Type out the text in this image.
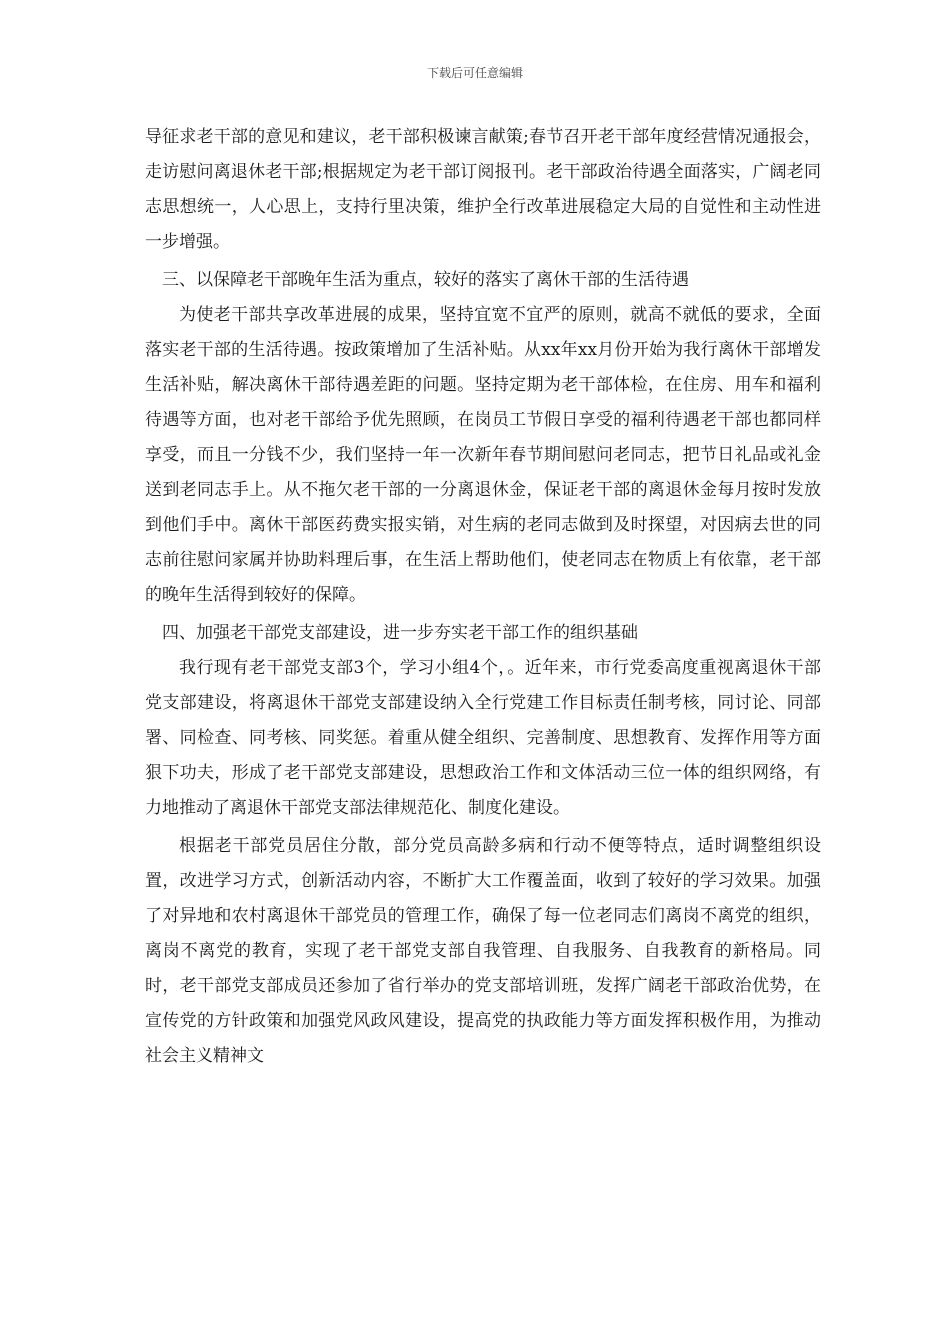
下载后可任意编辑

导征求老干部的意见和建议，老干部积极谏言献策;春节召开老干部年度经营情况通报会，走访慰问离退休老干部;根据规定为老干部订阅报刊。老干部政治待遇全面落实，广阔老同志思想统一，人心思上，支持行里决策，维护全行改革进展稳定大局的自觉性和主动性进一步增强。

三、以保障老干部晚年生活为重点，较好的落实了离休干部的生活待遇

为使老干部共享改革进展的成果，坚持宜宽不宜严的原则，就高不就低的要求，全面落实老干部的生活待遇。按政策增加了生活补贴。从xx年xx月份开始为我行离休干部增发生活补贴，解决离休干部待遇差距的问题。坚持定期为老干部体检，在住房、用车和福利待遇等方面，也对老干部给予优先照顾，在岗员工节假日享受的福利待遇老干部也都同样享受，而且一分钱不少，我们坚持一年一次新年春节期间慰问老同志，把节日礼品或礼金送到老同志手上。从不拖欠老干部的一分离退休金，保证老干部的离退休金每月按时发放到他们手中。离休干部医药费实报实销，对生病的老同志做到及时探望，对因病去世的同志前往慰问家属并协助料理后事，在生活上帮助他们，使老同志在物质上有依靠，老干部的晚年生活得到较好的保障。

四、加强老干部党支部建设，进一步夯实老干部工作的组织基础

我行现有老干部党支部3个，学习小组4个，。近年来，市行党委高度重视离退休干部党支部建设，将离退休干部党支部建设纳入全行党建工作目标责任制考核，同讨论、同部署、同检查、同考核、同奖惩。着重从健全组织、完善制度、思想教育、发挥作用等方面狠下功夫，形成了老干部党支部建设，思想政治工作和文体活动三位一体的组织网络，有力地推动了离退休干部党支部法律规范化、制度化建设。

根据老干部党员居住分散，部分党员高龄多病和行动不便等特点，适时调整组织设置，改进学习方式，创新活动内容，不断扩大工作覆盖面，收到了较好的学习效果。加强了对异地和农村离退休干部党员的管理工作，确保了每一位老同志们离岗不离党的组织，离岗不离党的教育，实现了老干部党支部自我管理、自我服务、自我教育的新格局。同时，老干部党支部成员还参加了省行举办的党支部培训班，发挥广阔老干部政治优势，在宣传党的方针政策和加强党风政风建设，提高党的执政能力等方面发挥积极作用，为推动社会主义精神文
